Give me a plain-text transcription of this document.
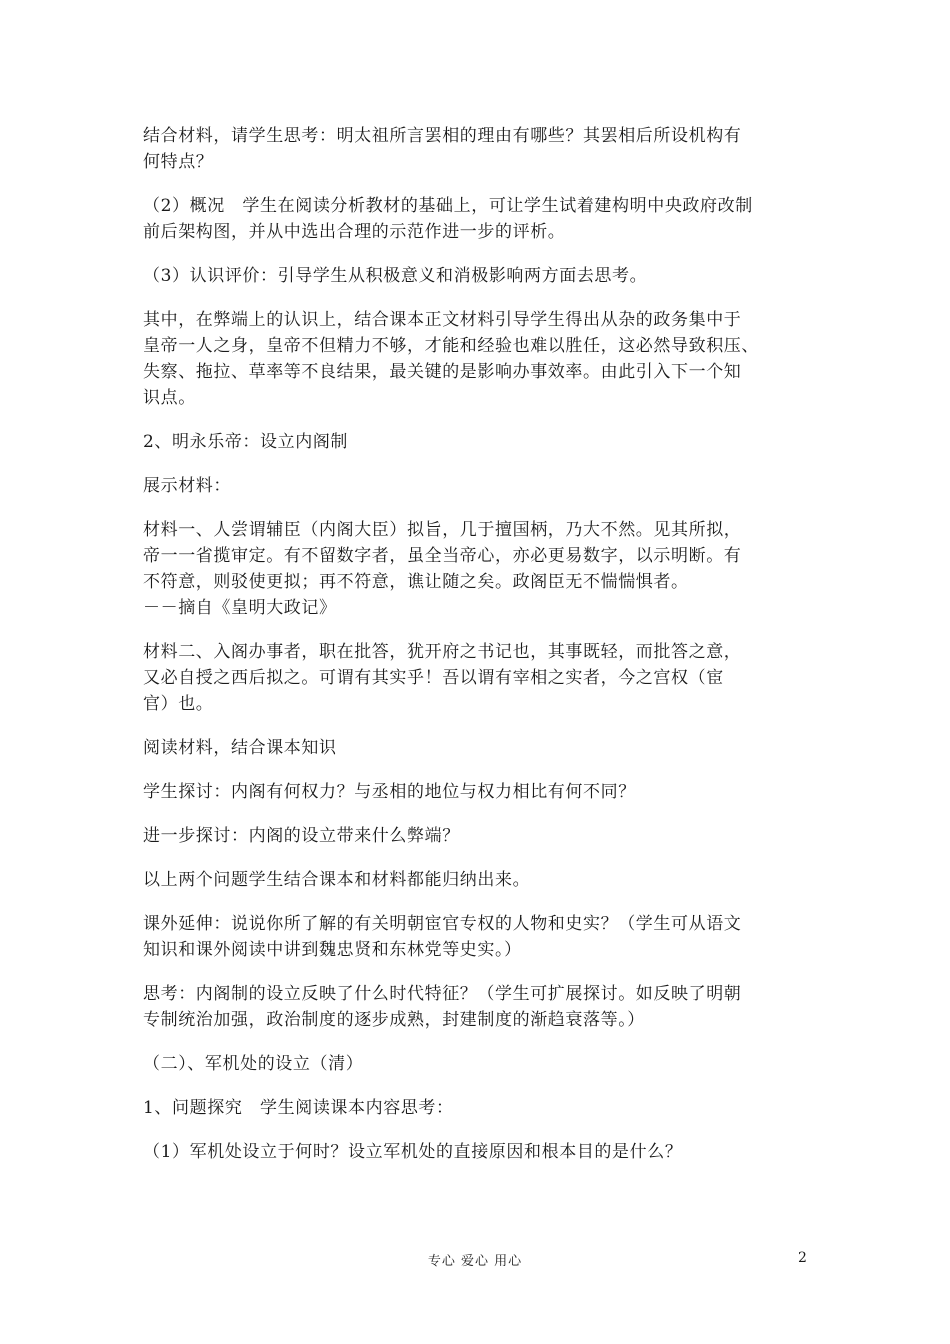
结合材料，请学生思考：明太祖所言罢相的理由有哪些？其罢相后所设机构有
何特点？

（2）概况　学生在阅读分析教材的基础上，可让学生试着建构明中央政府改制
前后架构图，并从中选出合理的示范作进一步的评析。

（3）认识评价：引导学生从积极意义和消极影响两方面去思考。

其中，在弊端上的认识上，结合课本正文材料引导学生得出从杂的政务集中于
皇帝一人之身，皇帝不但精力不够，才能和经验也难以胜任，这必然导致积压、
失察、拖拉、草率等不良结果，最关键的是影响办事效率。由此引入下一个知
识点。

2、明永乐帝：设立内阁制

展示材料：

材料一、人尝谓辅臣（内阁大臣）拟旨，几于擅国柄，乃大不然。见其所拟，
帝一一省揽审定。有不留数字者，虽全当帝心，亦必更易数字，以示明断。有
不符意，则驳使更拟；再不符意，谯让随之矣。政阁臣无不惴惴惧者。
－－摘自《皇明大政记》

材料二、入阁办事者，职在批答，犹开府之书记也，其事既轻，而批答之意，
又必自授之西后拟之。可谓有其实乎！吾以谓有宰相之实者，今之宫权（宦
官）也。

阅读材料，结合课本知识

学生探讨：内阁有何权力？与丞相的地位与权力相比有何不同？

进一步探讨：内阁的设立带来什么弊端？

以上两个问题学生结合课本和材料都能归纳出来。

课外延伸：说说你所了解的有关明朝宦官专权的人物和史实？（学生可从语文
知识和课外阅读中讲到魏忠贤和东林党等史实。）

思考：内阁制的设立反映了什么时代特征？（学生可扩展探讨。如反映了明朝
专制统治加强，政治制度的逐步成熟，封建制度的渐趋衰落等。）

（二）、军机处的设立（清）

1、问题探究　学生阅读课本内容思考：

（1）军机处设立于何时？设立军机处的直接原因和根本目的是什么？

专心 爱心 用心	2
